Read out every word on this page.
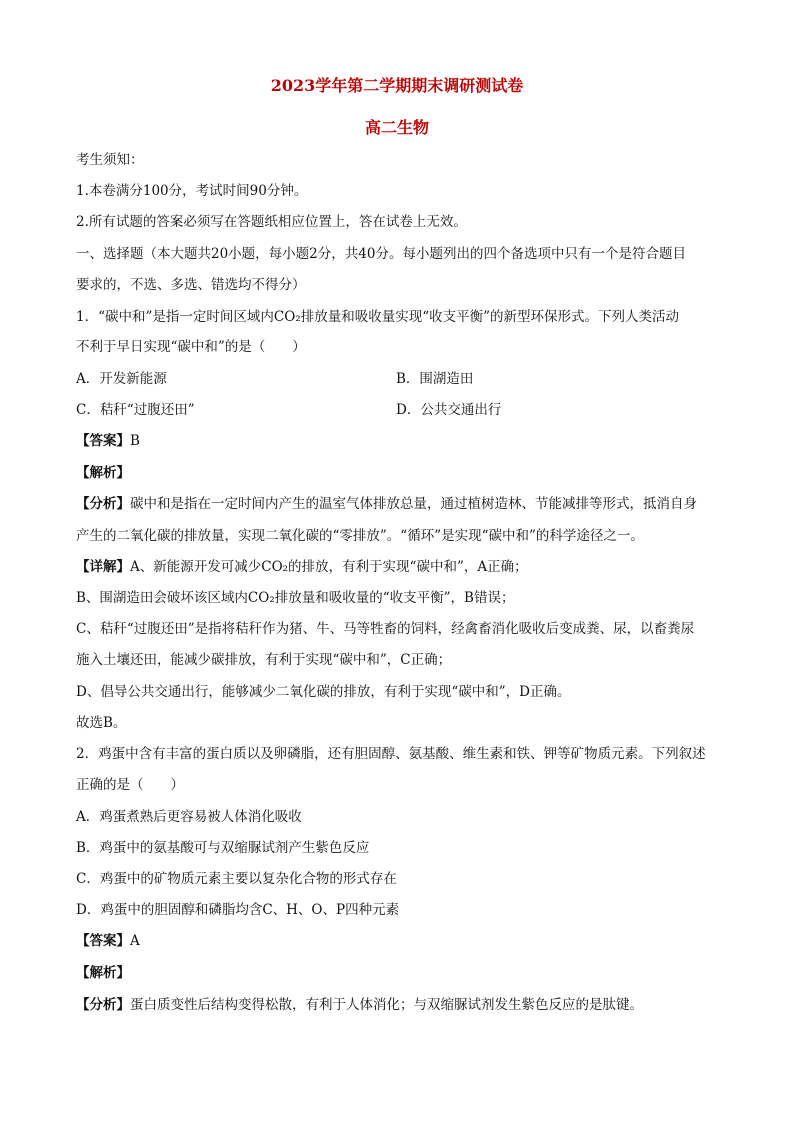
2023学年第二学期期末调研测试卷
高二生物
考生须知：
1.本卷满分100分，考试时间90分钟。
2.所有试题的答案必须写在答题纸相应位置上，答在试卷上无效。
一、选择题（本大题共20小题，每小题2分，共40分。每小题列出的四个备选项中只有一个是符合题目
要求的，不选、多选、错选均不得分）
1．“碳中和”是指一定时间区域内CO₂排放量和吸收量实现“收支平衡”的新型环保形式。下列人类活动
不利于早日实现“碳中和”的是（　　）
A．开发新能源	B．围湖造田
C．秸秆“过腹还田”	D．公共交通出行
【答案】B
【解析】
【分析】碳中和是指在一定时间内产生的温室气体排放总量，通过植树造林、节能减排等形式，抵消自身
产生的二氧化碳的排放量，实现二氧化碳的“零排放”。“循环”是实现“碳中和”的科学途径之一。
【详解】A、新能源开发可减少CO₂的排放，有利于实现“碳中和”，A正确；
B、围湖造田会破坏该区域内CO₂排放量和吸收量的“收支平衡”，B错误；
C、秸秆“过腹还田”是指将秸秆作为猪、牛、马等牲畜的饲料，经禽畜消化吸收后变成粪、尿，以畜粪尿
施入土壤还田，能减少碳排放，有利于实现“碳中和”，C正确；
D、倡导公共交通出行，能够减少二氧化碳的排放，有利于实现“碳中和”，D正确。
故选B。
2．鸡蛋中含有丰富的蛋白质以及卵磷脂，还有胆固醇、氨基酸、维生素和铁、钾等矿物质元素。下列叙述
正确的是（　　）
A．鸡蛋煮熟后更容易被人体消化吸收
B．鸡蛋中的氨基酸可与双缩脲试剂产生紫色反应
C．鸡蛋中的矿物质元素主要以复杂化合物的形式存在
D．鸡蛋中的胆固醇和磷脂均含C、H、O、P四种元素
【答案】A
【解析】
【分析】蛋白质变性后结构变得松散，有利于人体消化；与双缩脲试剂发生紫色反应的是肽键。
